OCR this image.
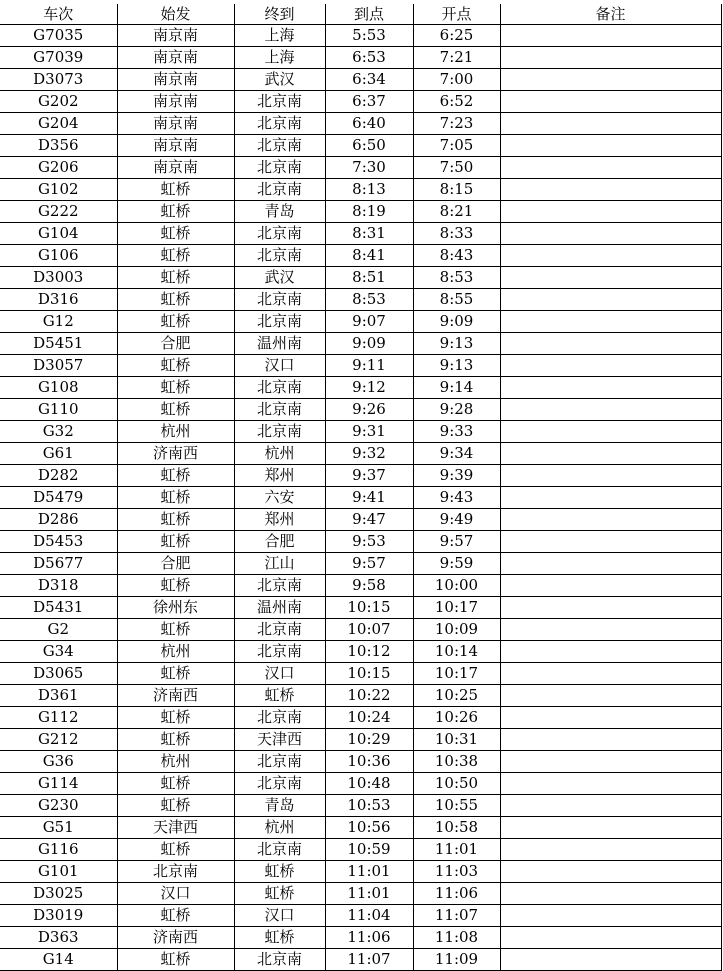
车次	始发	终到	到点	开点	备注
G7035	南京南	上海	5:53	6:25	
G7039	南京南	上海	6:53	7:21	
D3073	南京南	武汉	6:34	7:00	
G202	南京南	北京南	6:37	6:52	
G204	南京南	北京南	6:40	7:23	
D356	南京南	北京南	6:50	7:05	
G206	南京南	北京南	7:30	7:50	
G102	虹桥	北京南	8:13	8:15	
G222	虹桥	青岛	8:19	8:21	
G104	虹桥	北京南	8:31	8:33	
G106	虹桥	北京南	8:41	8:43	
D3003	虹桥	武汉	8:51	8:53	
D316	虹桥	北京南	8:53	8:55	
G12	虹桥	北京南	9:07	9:09	
D5451	合肥	温州南	9:09	9:13	
D3057	虹桥	汉口	9:11	9:13	
G108	虹桥	北京南	9:12	9:14	
G110	虹桥	北京南	9:26	9:28	
G32	杭州	北京南	9:31	9:33	
G61	济南西	杭州	9:32	9:34	
D282	虹桥	郑州	9:37	9:39	
D5479	虹桥	六安	9:41	9:43	
D286	虹桥	郑州	9:47	9:49	
D5453	虹桥	合肥	9:53	9:57	
D5677	合肥	江山	9:57	9:59	
D318	虹桥	北京南	9:58	10:00	
D5431	徐州东	温州南	10:15	10:17	
G2	虹桥	北京南	10:07	10:09	
G34	杭州	北京南	10:12	10:14	
D3065	虹桥	汉口	10:15	10:17	
D361	济南西	虹桥	10:22	10:25	
G112	虹桥	北京南	10:24	10:26	
G212	虹桥	天津西	10:29	10:31	
G36	杭州	北京南	10:36	10:38	
G114	虹桥	北京南	10:48	10:50	
G230	虹桥	青岛	10:53	10:55	
G51	天津西	杭州	10:56	10:58	
G116	虹桥	北京南	10:59	11:01	
G101	北京南	虹桥	11:01	11:03	
D3025	汉口	虹桥	11:01	11:06	
D3019	虹桥	汉口	11:04	11:07	
D363	济南西	虹桥	11:06	11:08	
G14	虹桥	北京南	11:07	11:09	
